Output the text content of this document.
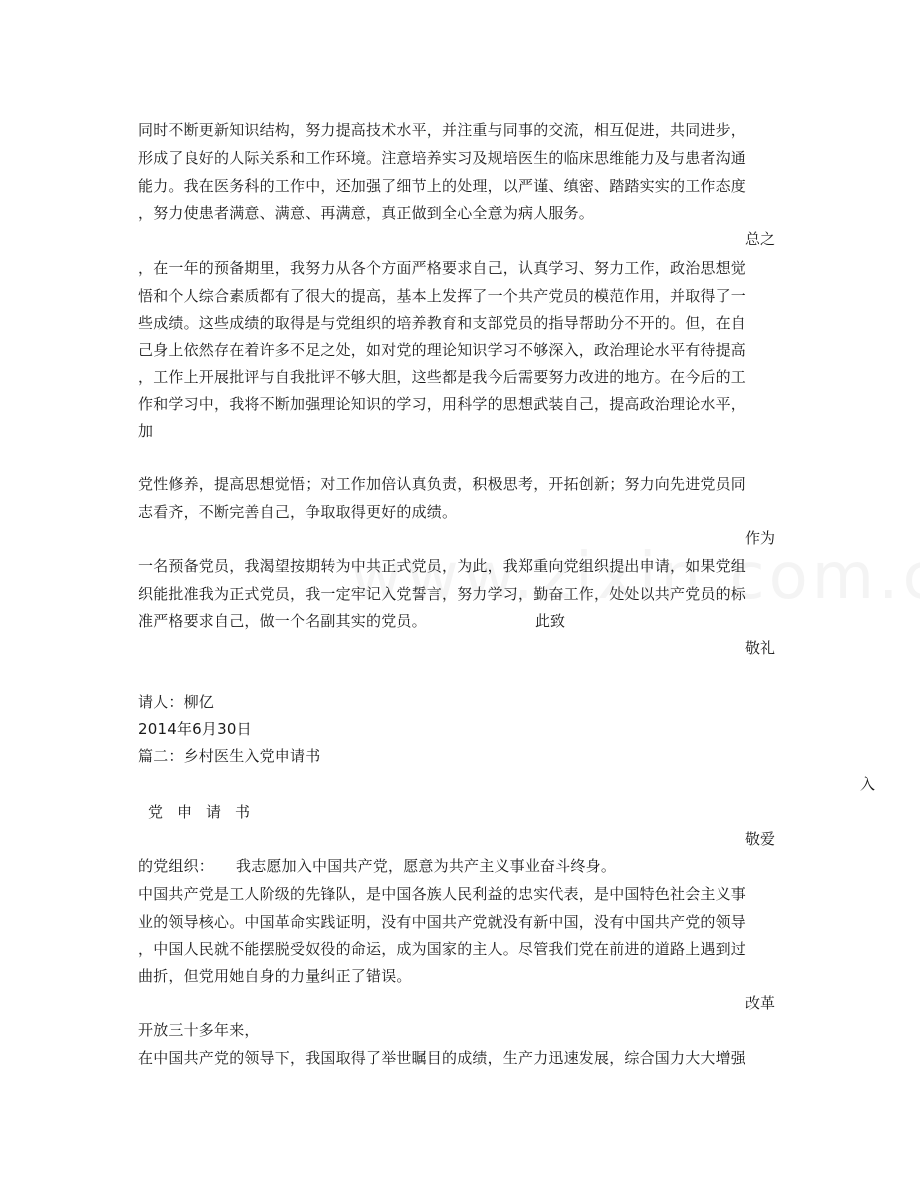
同时不断更新知识结构，努力提高技术水平，并注重与同事的交流，相互促进，共同进步，
形成了良好的人际关系和工作环境。注意培养实习及规培医生的临床思维能力及与患者沟通
能力。我在医务科的工作中，还加强了细节上的处理，以严谨、缜密、踏踏实实的工作态度
，努力使患者满意、满意、再满意，真正做到全心全意为病人服务。
总之
，在一年的预备期里，我努力从各个方面严格要求自己，认真学习、努力工作，政治思想觉
悟和个人综合素质都有了很大的提高，基本上发挥了一个共产党员的模范作用，并取得了一
些成绩。这些成绩的取得是与党组织的培养教育和支部党员的指导帮助分不开的。但，在自
己身上依然存在着许多不足之处，如对党的理论知识学习不够深入，政治理论水平有待提高
，工作上开展批评与自我批评不够大胆，这些都是我今后需要努力改进的地方。在今后的工
作和学习中，我将不断加强理论知识的学习，用科学的思想武装自己，提高政治理论水平，
加
党性修养，提高思想觉悟；对工作加倍认真负责，积极思考，开拓创新；努力向先进党员同
志看齐，不断完善自己，争取取得更好的成绩。
作为
一名预备党员，我渴望按期转为中共正式党员，为此，我郑重向党组织提出申请，如果党组
织能批准我为正式党员，我一定牢记入党誓言，努力学习，勤奋工作，处处以共产党员的标
准严格要求自己，做一个名副其实的党员。	此致
敬礼
请人：柳亿
2014年6月30日
篇二：乡村医生入党申请书
入
党申请书
敬爱
的党组织： 我志愿加入中国共产党，愿意为共产主义事业奋斗终身。
中国共产党是工人阶级的先锋队，是中国各族人民利益的忠实代表，是中国特色社会主义事
业的领导核心。中国革命实践证明，没有中国共产党就没有新中国，没有中国共产党的领导
，中国人民就不能摆脱受奴役的命运，成为国家的主人。尽管我们党在前进的道路上遇到过
曲折，但党用她自身的力量纠正了错误。
改革
开放三十多年来，
在中国共产党的领导下，我国取得了举世瞩目的成绩，生产力迅速发展，综合国力大大增强
